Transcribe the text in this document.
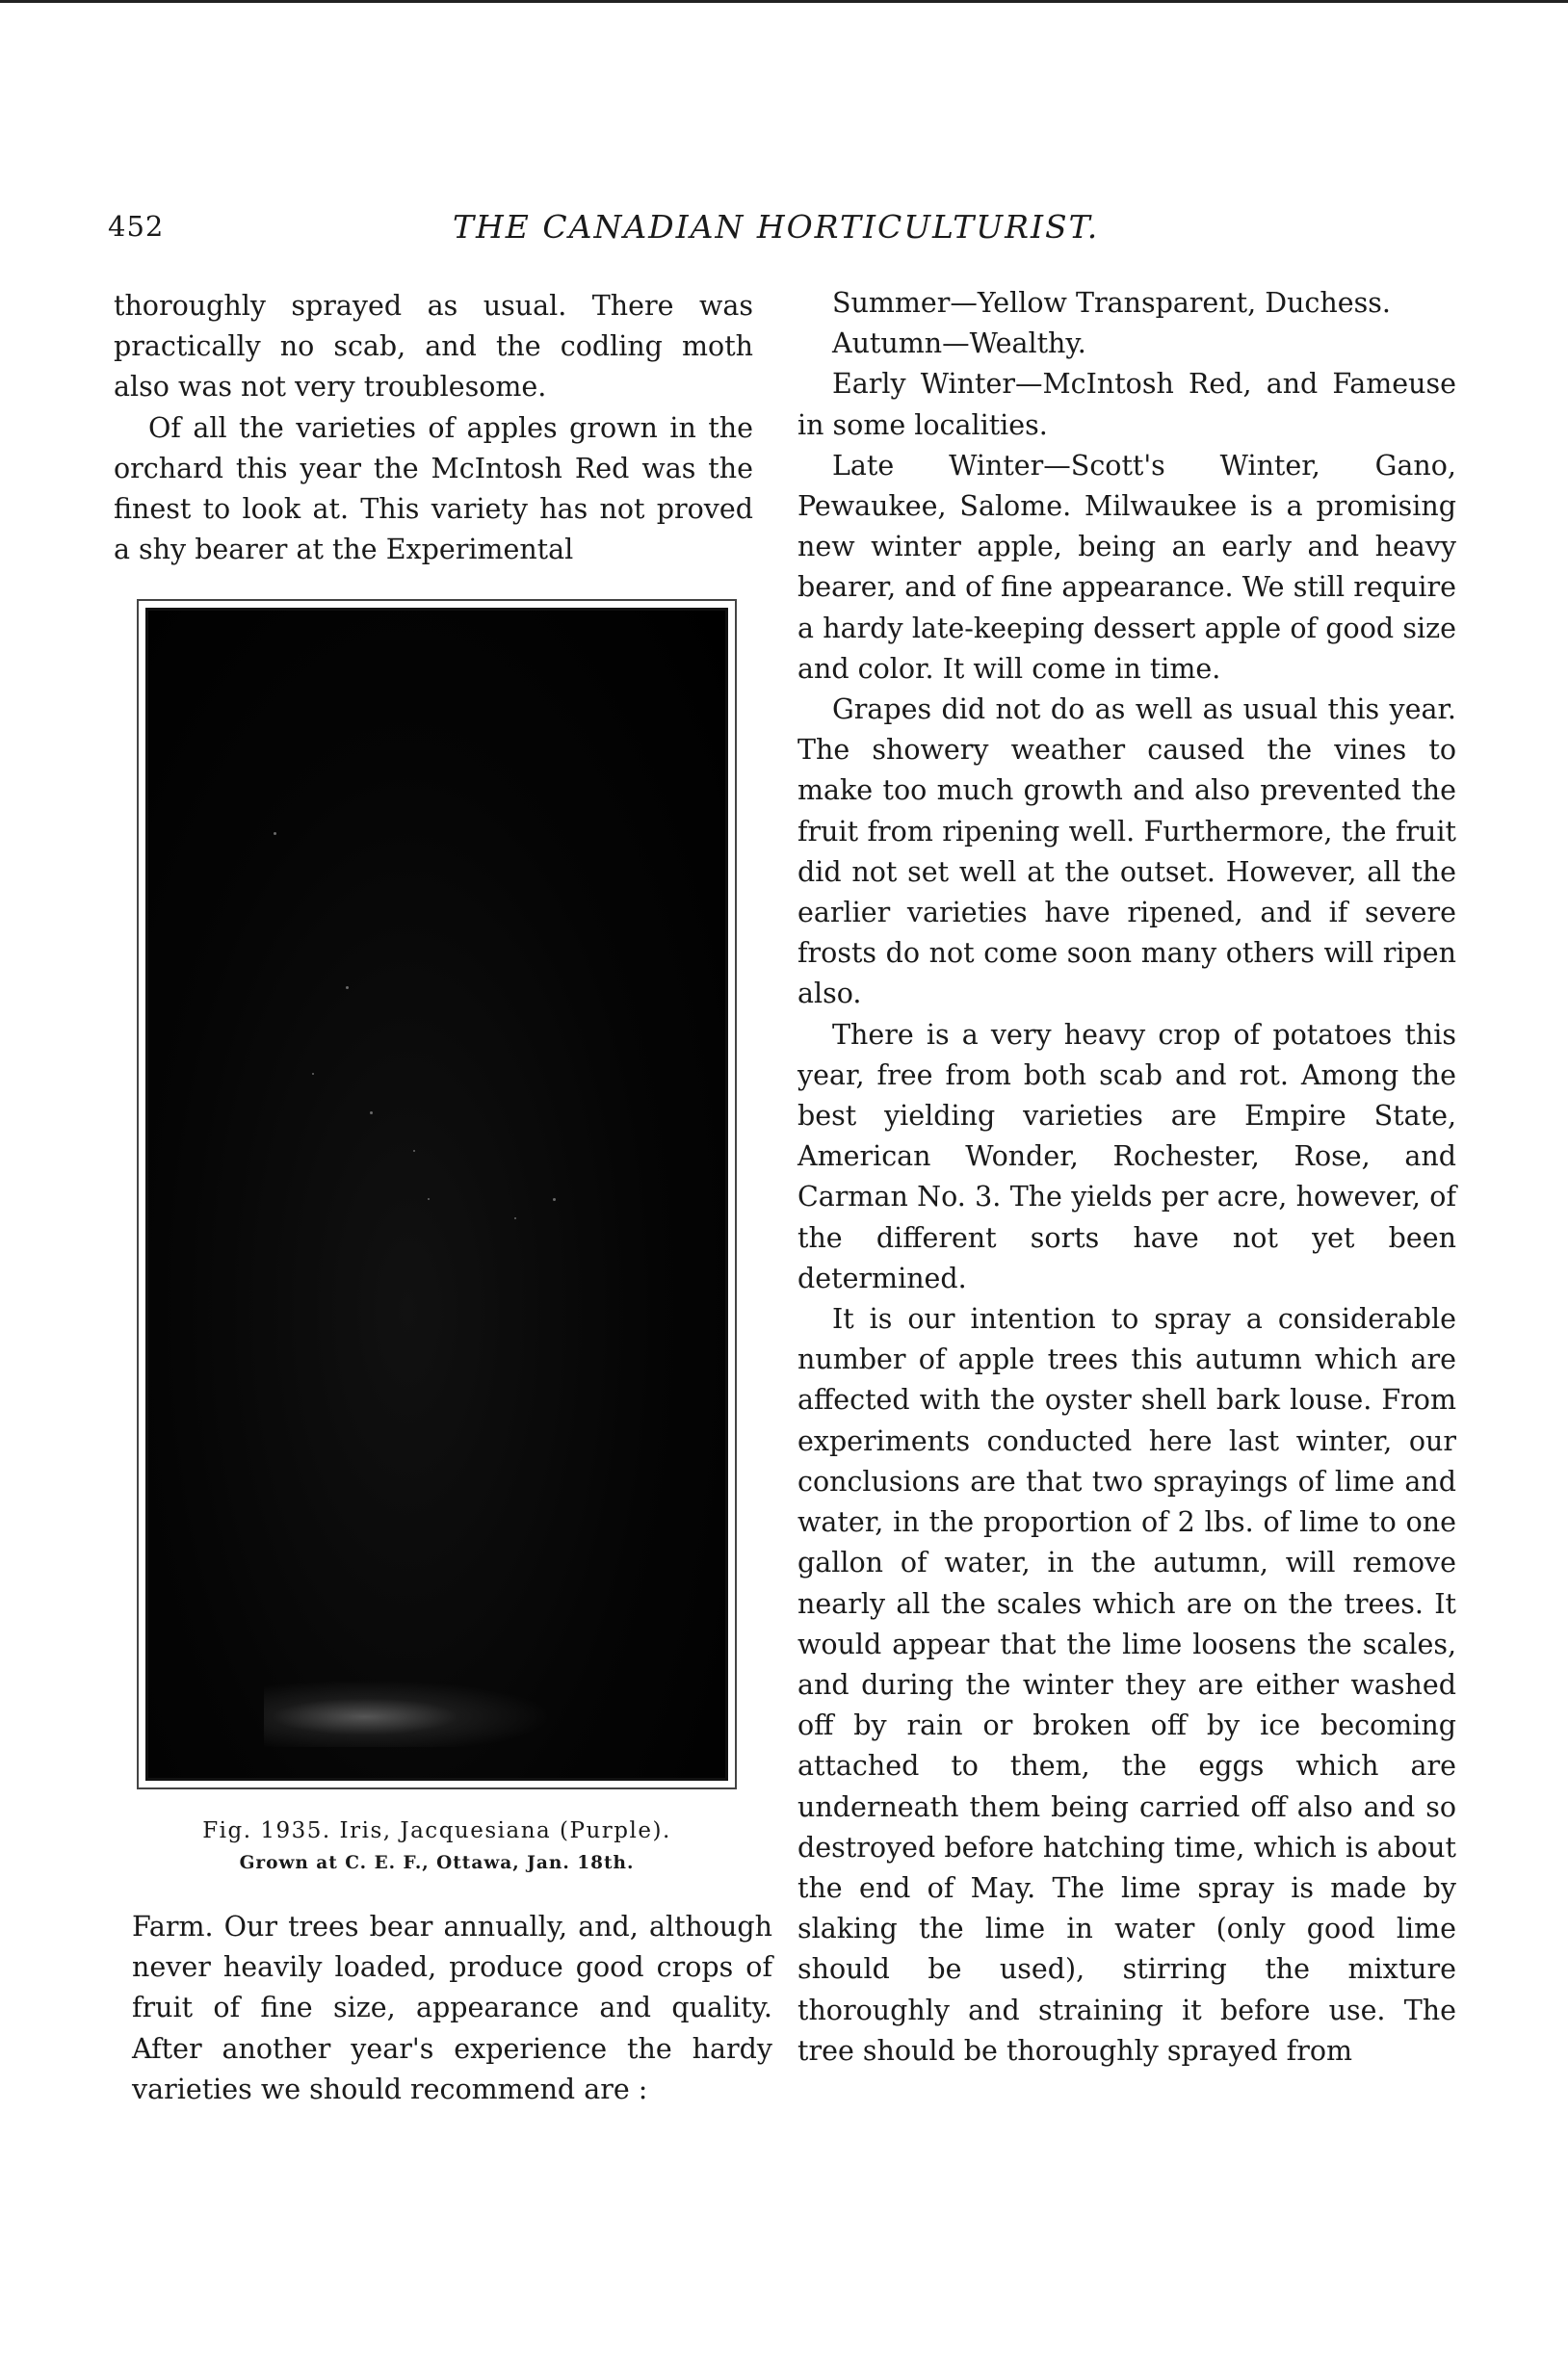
452	THE CANADIAN HORTICULTURIST.

thoroughly sprayed as usual. There was practically no scab, and the codling moth also was not very troublesome.

Of all the varieties of apples grown in the orchard this year the McIntosh Red was the finest to look at. This variety has not proved a shy bearer at the Experimental

Fig. 1935. Iris, Jacquesiana (Purple).
Grown at C. E. F., Ottawa, Jan. 18th.

Farm. Our trees bear annually, and, although never heavily loaded, produce good crops of fruit of fine size, appearance and quality. After another year's experience the hardy varieties we should recommend are :

Summer—Yellow Transparent, Duchess.

Autumn—Wealthy.

Early Winter—McIntosh Red, and Fameuse in some localities.

Late Winter—Scott's Winter, Gano, Pewaukee, Salome. Milwaukee is a promising new winter apple, being an early and heavy bearer, and of fine appearance. We still require a hardy late-keeping dessert apple of good size and color. It will come in time.

Grapes did not do as well as usual this year. The showery weather caused the vines to make too much growth and also prevented the fruit from ripening well. Furthermore, the fruit did not set well at the outset. However, all the earlier varieties have ripened, and if severe frosts do not come soon many others will ripen also.

There is a very heavy crop of potatoes this year, free from both scab and rot. Among the best yielding varieties are Empire State, American Wonder, Rochester, Rose, and Carman No. 3. The yields per acre, however, of the different sorts have not yet been determined.

It is our intention to spray a considerable number of apple trees this autumn which are affected with the oyster shell bark louse. From experiments conducted here last winter, our conclusions are that two sprayings of lime and water, in the proportion of 2 lbs. of lime to one gallon of water, in the autumn, will remove nearly all the scales which are on the trees. It would appear that the lime loosens the scales, and during the winter they are either washed off by rain or broken off by ice becoming attached to them, the eggs which are underneath them being carried off also and so destroyed before hatching time, which is about the end of May. The lime spray is made by slaking the lime in water (only good lime should be used), stirring the mixture thoroughly and straining it before use. The tree should be thoroughly sprayed from
